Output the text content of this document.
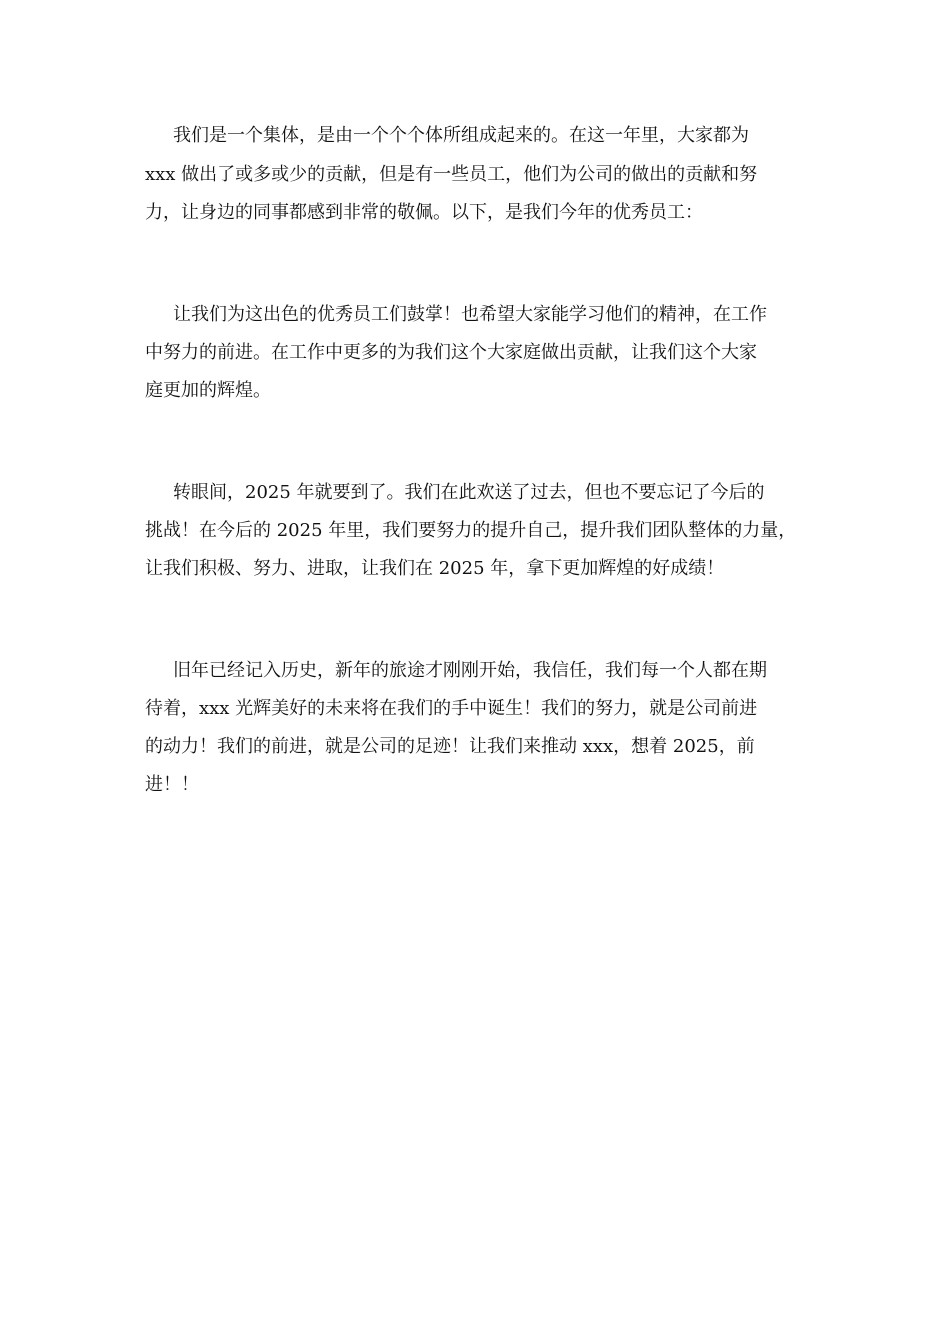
我们是一个集体，是由一个个个体所组成起来的。在这一年里，大家都为

xxx 做出了或多或少的贡献，但是有一些员工，他们为公司的做出的贡献和努

力，让身边的同事都感到非常的敬佩。以下，是我们今年的优秀员工：

让我们为这出色的优秀员工们鼓掌！也希望大家能学习他们的精神，在工作

中努力的前进。在工作中更多的为我们这个大家庭做出贡献，让我们这个大家

庭更加的辉煌。

转眼间，2025 年就要到了。我们在此欢送了过去，但也不要忘记了今后的

挑战！在今后的 2025 年里，我们要努力的提升自己，提升我们团队整体的力量，

让我们积极、努力、进取，让我们在 2025 年，拿下更加辉煌的好成绩！

旧年已经记入历史，新年的旅途才刚刚开始，我信任，我们每一个人都在期

待着，xxx 光辉美好的未来将在我们的手中诞生！我们的努力，就是公司前进

的动力！我们的前进，就是公司的足迹！让我们来推动 xxx，想着 2025，前

进！！
